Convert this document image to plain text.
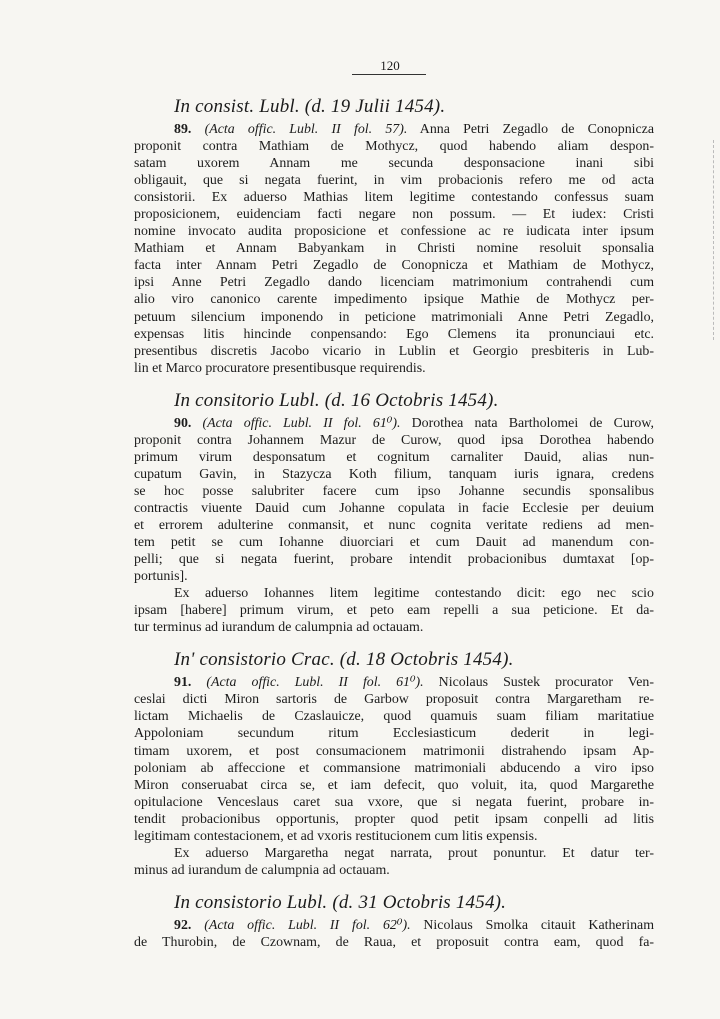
120
In consist. Lubl. (d. 19 Julii 1454).
89. (Acta offic. Lubl. II fol. 57). Anna Petri Zegadlo de Conopnicza
proponit contra Mathiam de Mothycz, quod habendo aliam despon-
satam uxorem Annam me secunda desponsacione inani sibi
obligauit, que si negata fuerint, in vim probacionis refero me od acta
consistorii. Ex aduerso Mathias litem legitime contestando confessus suam
proposicionem, euidenciam facti negare non possum. — Et iudex: Cristi
nomine invocato audita proposicione et confessione ac re iudicata inter ipsum
Mathiam et Annam Babyankam in Christi nomine resoluit sponsalia
facta inter Annam Petri Zegadlo de Conopnicza et Mathiam de Mothycz,
ipsi Anne Petri Zegadlo dando licenciam matrimonium contrahendi cum
alio viro canonico carente impedimento ipsique Mathie de Mothycz per-
petuum silencium imponendo in peticione matrimoniali Anne Petri Zegadlo,
expensas litis hincinde conpensando: Ego Clemens ita pronunciaui etc.
presentibus discretis Jacobo vicario in Lublin et Georgio presbiteris in Lub-
lin et Marco procuratore presentibusque requirendis.
In consitorio Lubl. (d. 16 Octobris 1454).
90. (Acta offic. Lubl. II fol. 61⁰). Dorothea nata Bartholomei de Curow,
proponit contra Johannem Mazur de Curow, quod ipsa Dorothea habendo
primum virum desponsatum et cognitum carnaliter Dauid, alias nun-
cupatum Gavin, in Stazycza Koth filium, tanquam iuris ignara, credens
se hoc posse salubriter facere cum ipso Johanne secundis sponsalibus
contractis viuente Dauid cum Johanne copulata in facie Ecclesie per deuium
et errorem adulterine conmansit, et nunc cognita veritate rediens ad men-
tem petit se cum Iohanne diuorciari et cum Dauit ad manendum con-
pelli; que si negata fuerint, probare intendit probacionibus dumtaxat [op-
portunis].
Ex aduerso Iohannes litem legitime contestando dicit: ego nec scio
ipsam [habere] primum virum, et peto eam repelli a sua peticione. Et da-
tur terminus ad iurandum de calumpnia ad octauam.
In' consistorio Crac. (d. 18 Octobris 1454).
91. (Acta offic. Lubl. II fol. 61⁰). Nicolaus Sustek procurator Ven-
ceslai dicti Miron sartoris de Garbow proposuit contra Margaretham re-
lictam Michaelis de Czaslauicze, quod quamuis suam filiam maritatiue
Appoloniam secundum ritum Ecclesiasticum dederit in legi-
timam uxorem, et post consumacionem matrimonii distrahendo ipsam Ap-
poloniam ab affeccione et commansione matrimoniali abducendo a viro ipso
Miron conseruabat circa se, et iam defecit, quo voluit, ita, quod Margarethe
opitulacione Venceslaus caret sua vxore, que si negata fuerint, probare in-
tendit probacionibus opportunis, propter quod petit ipsam conpelli ad litis
legitimam contestacionem, et ad vxoris restitucionem cum litis expensis.
Ex aduerso Margaretha negat narrata, prout ponuntur. Et datur ter-
minus ad iurandum de calumpnia ad octauam.
In consistorio Lubl. (d. 31 Octobris 1454).
92. (Acta offic. Lubl. II fol. 62⁰). Nicolaus Smolka citauit Katherinam
de Thurobin, de Czownam, de Raua, et proposuit contra eam, quod fa-
